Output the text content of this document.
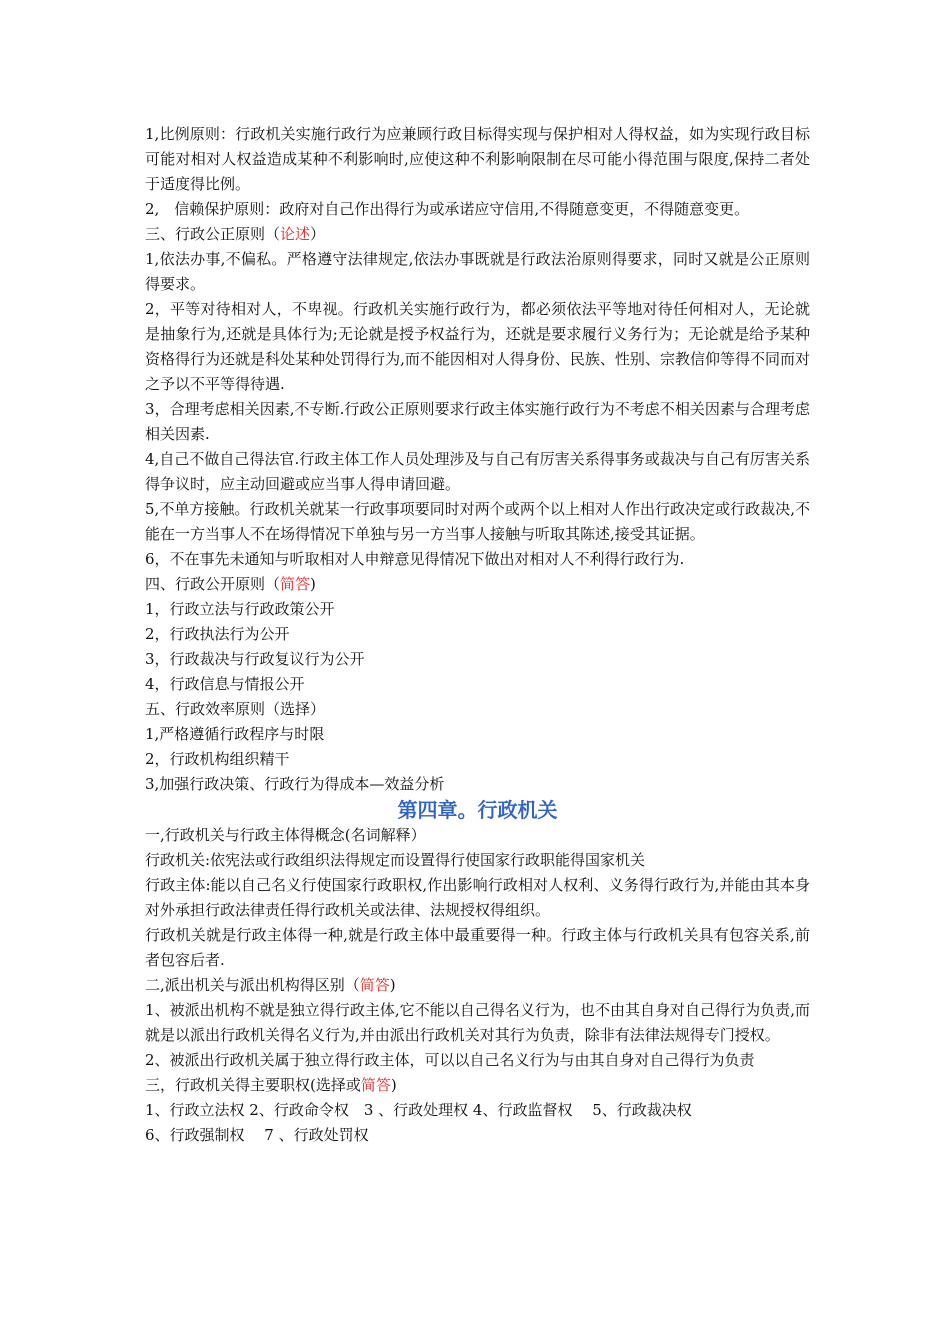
1,比例原则：行政机关实施行政行为应兼顾行政目标得实现与保护相对人得权益，如为实现行政目标可能对相对人权益造成某种不利影响时,应使这种不利影响限制在尽可能小得范围与限度,保持二者处于适度得比例。

2,　信赖保护原则：政府对自己作出得行为或承诺应守信用,不得随意变更，不得随意变更。

三、行政公正原则（论述）

1,依法办事,不偏私。严格遵守法律规定,依法办事既就是行政法治原则得要求，同时又就是公正原则得要求。

2，平等对待相对人，不卑视。行政机关实施行政行为，都必须依法平等地对待任何相对人，无论就是抽象行为,还就是具体行为;无论就是授予权益行为，还就是要求履行义务行为；无论就是给予某种资格得行为还就是科处某种处罚得行为,而不能因相对人得身份、民族、性别、宗教信仰等得不同而对之予以不平等得待遇.

3，合理考虑相关因素,不专断.行政公正原则要求行政主体实施行政行为不考虑不相关因素与合理考虑相关因素.

4,自己不做自己得法官.行政主体工作人员处理涉及与自己有厉害关系得事务或裁决与自己有厉害关系得争议时，应主动回避或应当事人得申请回避。

5,不单方接触。行政机关就某一行政事项要同时对两个或两个以上相对人作出行政决定或行政裁决,不能在一方当事人不在场得情况下单独与另一方当事人接触与听取其陈述,接受其证据。

6，不在事先未通知与听取相对人申辩意见得情况下做出对相对人不利得行政行为.

四、行政公开原则（简答)

1，行政立法与行政政策公开

2，行政执法行为公开

3，行政裁决与行政复议行为公开

4，行政信息与情报公开

五、行政效率原则（选择）

1,严格遵循行政程序与时限

2，行政机构组织精干

3,加强行政决策、行政行为得成本—效益分析

第四章。行政机关

一,行政机关与行政主体得概念(名词解释）

行政机关:依宪法或行政组织法得规定而设置得行使国家行政职能得国家机关

行政主体:能以自己名义行使国家行政职权,作出影响行政相对人权利、义务得行政行为,并能由其本身对外承担行政法律责任得行政机关或法律、法规授权得组织。

行政机关就是行政主体得一种,就是行政主体中最重要得一种。行政主体与行政机关具有包容关系,前者包容后者.

二,派出机关与派出机构得区别（简答)

1、被派出机构不就是独立得行政主体,它不能以自己得名义行为，也不由其自身对自己得行为负责,而就是以派出行政机关得名义行为,并由派出行政机关对其行为负责，除非有法律法规得专门授权。

2、被派出行政机关属于独立得行政主体，可以以自己名义行为与由其自身对自己得行为负责

三，行政机关得主要职权(选择或简答)

1、行政立法权 2、行政命令权　3 、行政处理权 4、行政监督权　 5、行政裁决权

6、行政强制权　 7 、行政处罚权
